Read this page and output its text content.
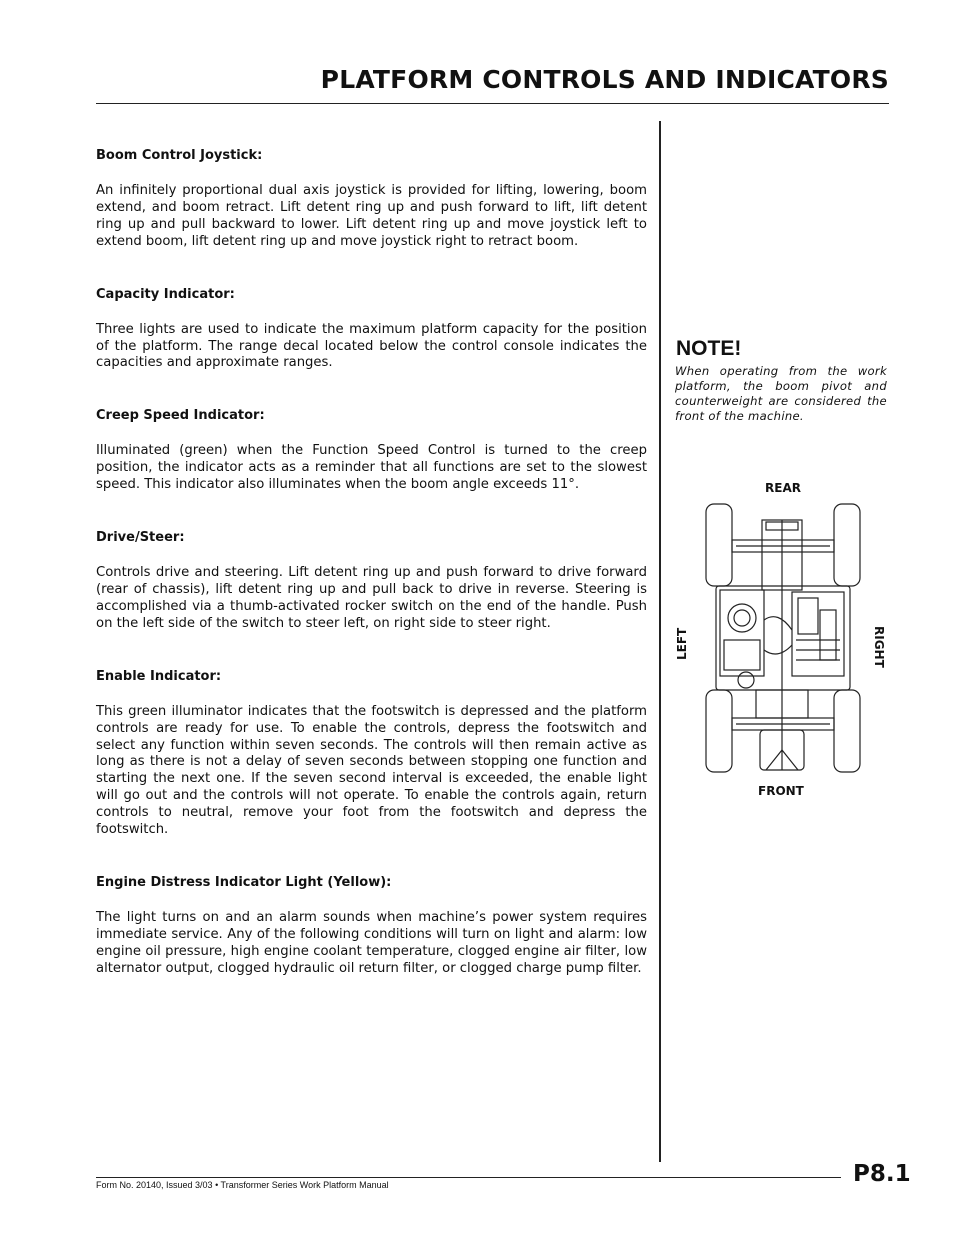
PLATFORM CONTROLS AND INDICATORS
Boom Control Joystick:

An infinitely proportional dual axis joystick is provided for lifting, lowering, boom extend, and boom retract. Lift detent ring up and push forward to lift, lift detent ring up and pull backward to lower. Lift detent ring up and move joystick left to extend boom, lift detent ring up and move joystick right to retract boom.

Capacity Indicator:

Three lights are used to indicate the maximum platform capacity for the position of the platform. The range decal located below the control console indicates the capacities and approximate ranges.

Creep Speed Indicator:

Illuminated (green) when the Function Speed Control is turned to the creep position, the indicator acts as a reminder that all functions are set to the slowest speed. This indicator also illuminates when the boom angle exceeds 11°.

Drive/Steer:

Controls drive and steering. Lift detent ring up and push forward to drive forward (rear of chassis), lift detent ring up and pull back to drive in reverse. Steering is accomplished via a thumb-activated rocker switch on the end of the handle. Push on the left side of the switch to steer left, on right side to steer right.

Enable Indicator:

This green illuminator indicates that the footswitch is depressed and the platform controls are ready for use. To enable the controls, depress the footswitch and select any function within seven seconds. The controls will then remain active as long as there is not a delay of seven seconds between stopping one function and starting the next one. If the seven second interval is exceeded, the enable light will go out and the controls will not operate. To enable the controls again, return controls to neutral, remove your foot from the footswitch and depress the footswitch.

Engine Distress Indicator Light (Yellow):

The light turns on and an alarm sounds when machine’s power system requires immediate service. Any of the following conditions will turn on light and alarm: low engine oil pressure, high engine coolant temperature, clogged engine air filter, low alternator output, clogged hydraulic oil return filter, or clogged charge pump filter.

NOTE!

When operating from the work platform, the boom pivot and counterweight are considered the front of the machine.

REAR
FRONT
LEFT	RIGHT
Form No. 20140, Issued 3/03 • Transformer Series Work Platform Manual	P8.1
